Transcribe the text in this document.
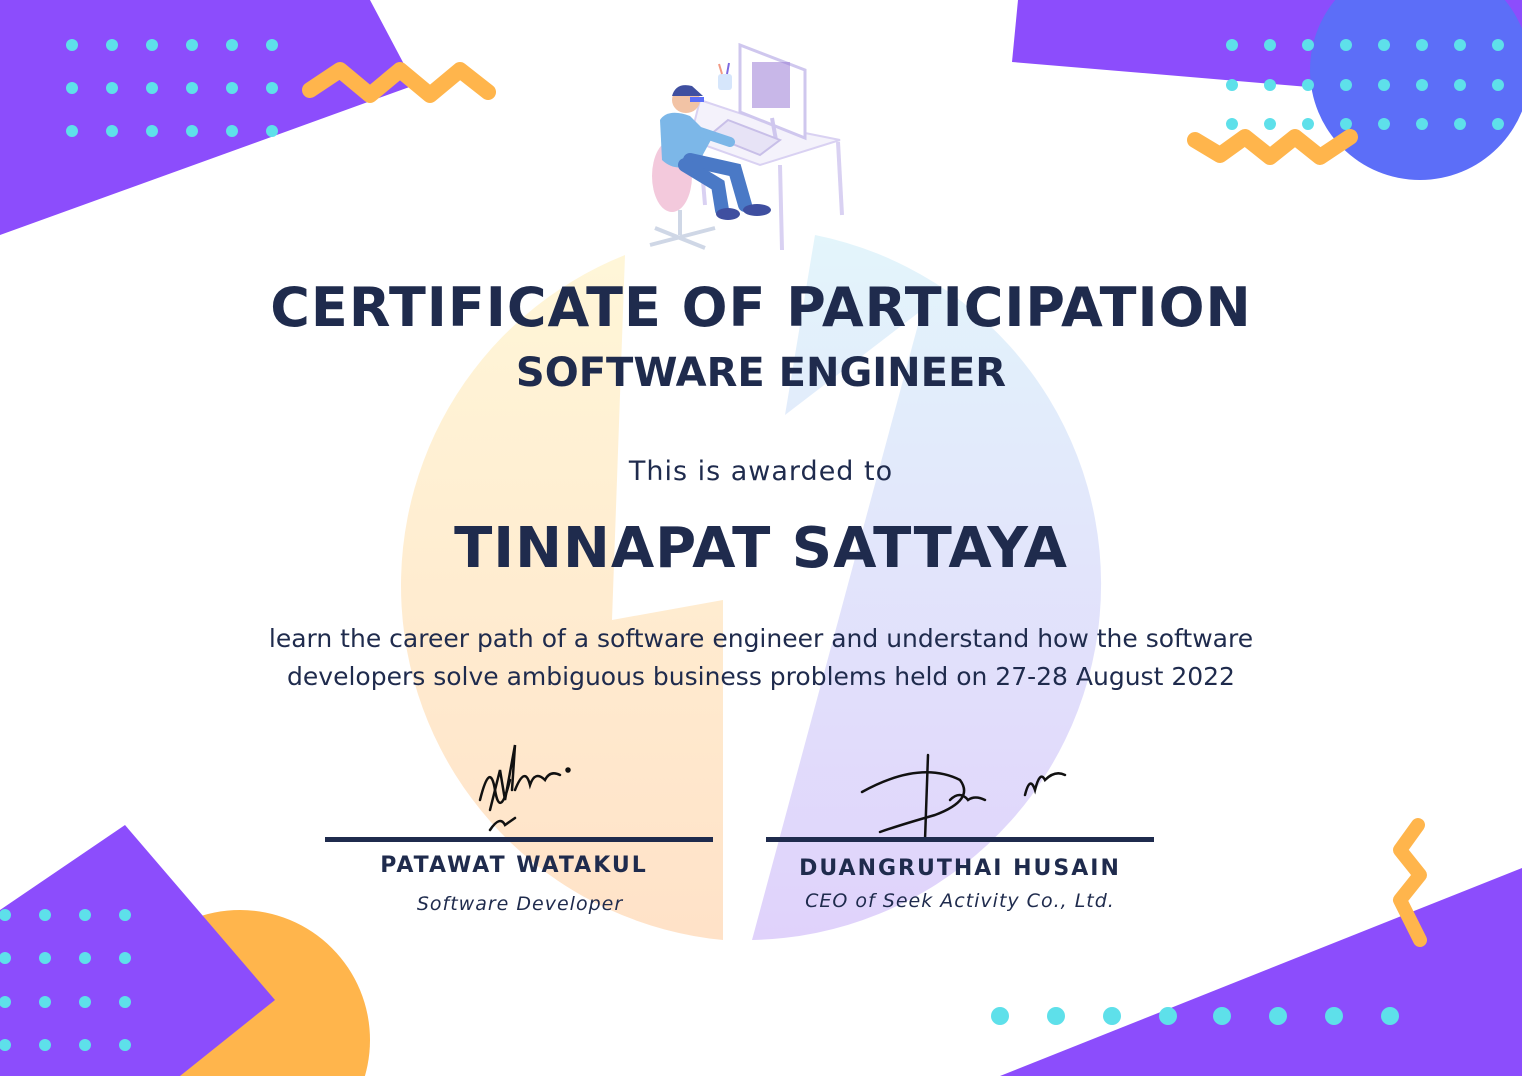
CERTIFICATE OF PARTICIPATION
SOFTWARE ENGINEER
This is awarded to
TINNAPAT SATTAYA
learn the career path of a software engineer and understand how the software
developers solve ambiguous business problems held on 27-28 August 2022
PATAWAT WATAKUL
Software Developer
DUANGRUTHAI HUSAIN
CEO of Seek Activity Co., Ltd.
